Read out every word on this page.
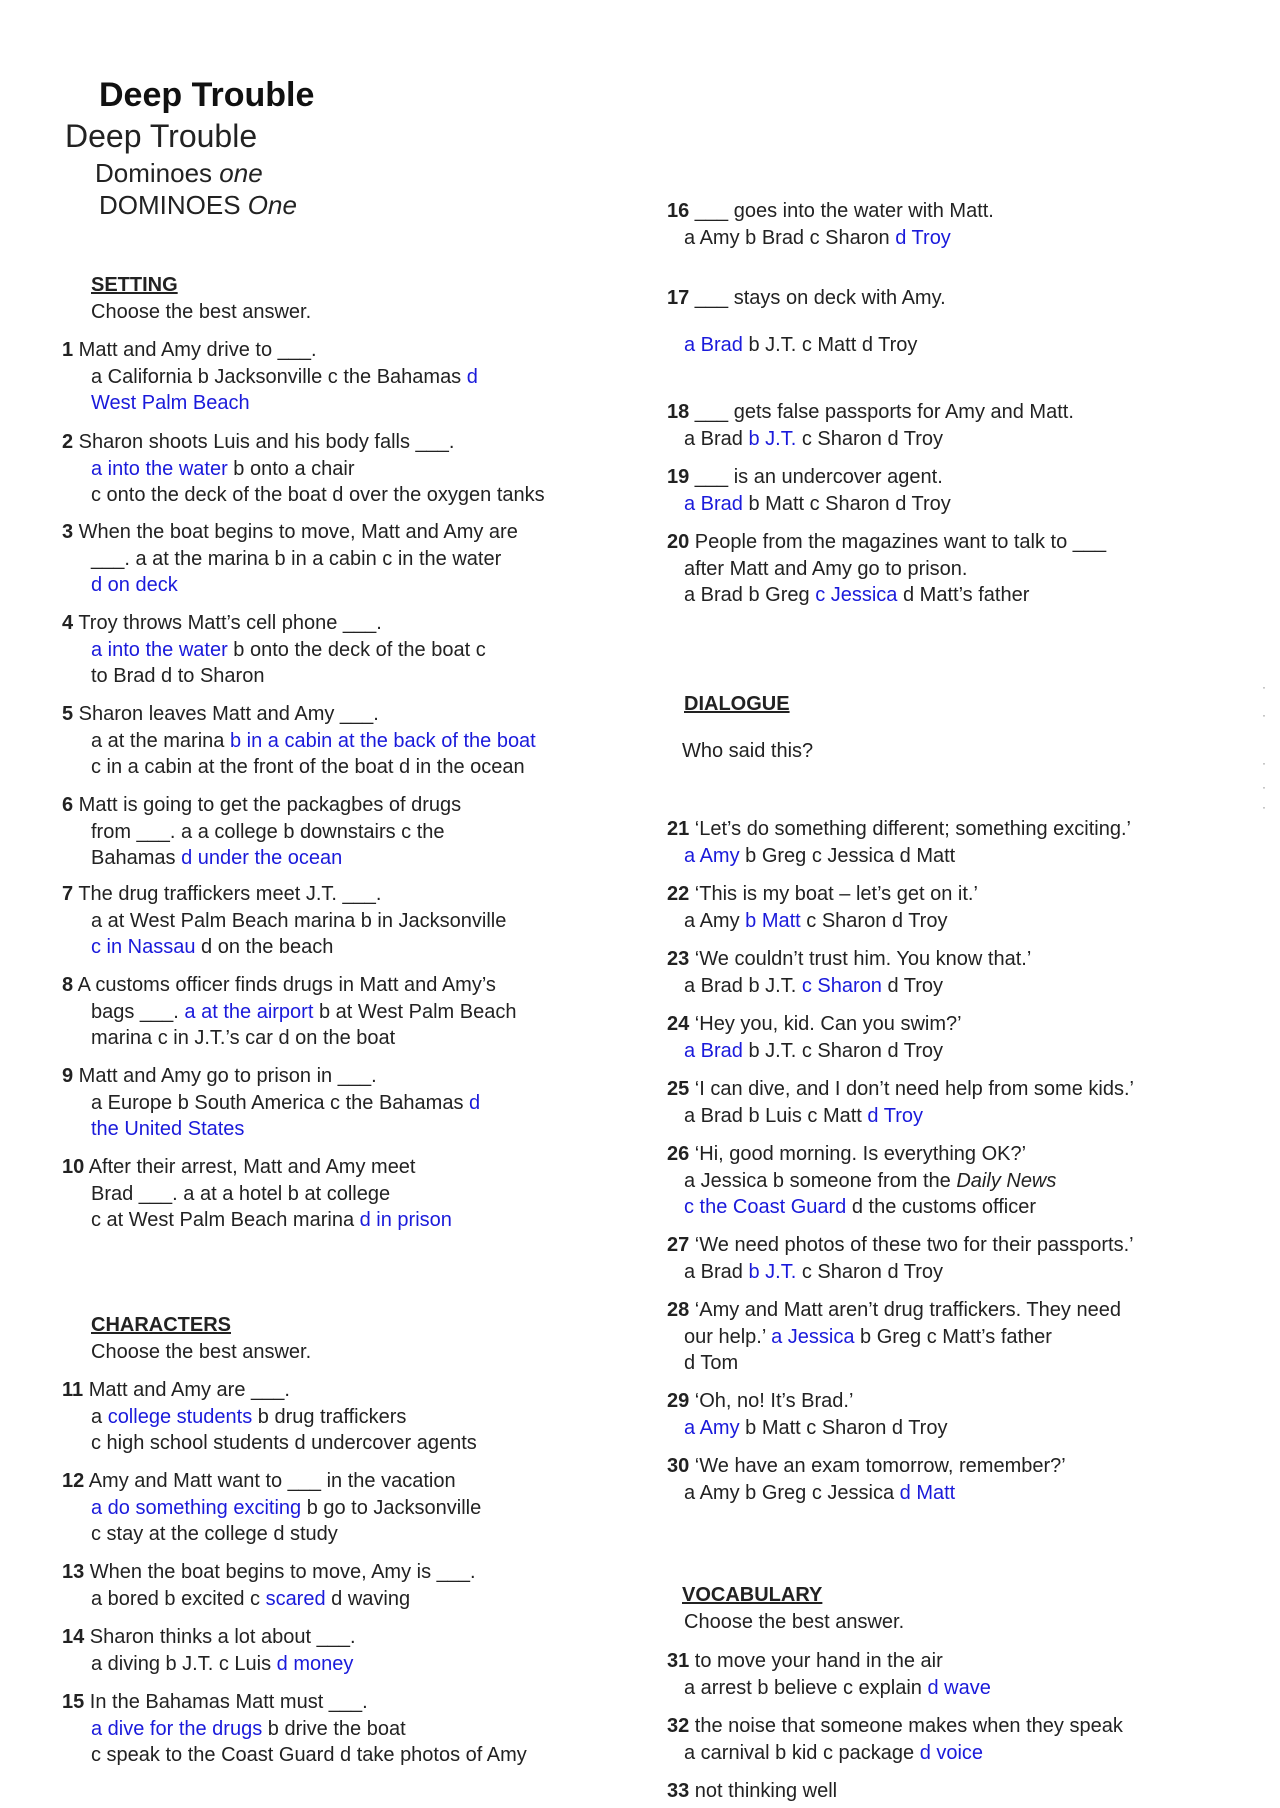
Deep Trouble
Deep Trouble
Dominoes one
DOMINOES One
SETTING
Choose the best answer.
1 Matt and Amy drive to ___.
a California b Jacksonville c the Bahamas d
West Palm Beach
2 Sharon shoots Luis and his body falls ___.
a into the water b onto a chair
c onto the deck of the boat d over the oxygen tanks
3 When the boat begins to move, Matt and Amy are
___. a at the marina b in a cabin c in the water
d on deck
4 Troy throws Matt’s cell phone ___.
a into the water b onto the deck of the boat c
to Brad d to Sharon
5 Sharon leaves Matt and Amy ___.
a at the marina b in a cabin at the back of the boat
c in a cabin at the front of the boat d in the ocean
6 Matt is going to get the packagbes of drugs
from ___. a a college b downstairs c the
Bahamas d under the ocean
7 The drug traffickers meet J.T. ___.
a at West Palm Beach marina b in Jacksonville
c in Nassau d on the beach
8 A customs officer finds drugs in Matt and Amy’s
bags ___. a at the airport b at West Palm Beach
marina c in J.T.’s car d on the boat
9 Matt and Amy go to prison in ___.
a Europe b South America c the Bahamas d
the United States
10 After their arrest, Matt and Amy meet
Brad ___. a at a hotel b at college
c at West Palm Beach marina d in prison
CHARACTERS
Choose the best answer.
11 Matt and Amy are ___.
a college students b drug traffickers
c high school students d undercover agents
12 Amy and Matt want to ___ in the vacation
a do something exciting b go to Jacksonville
c stay at the college d study
13 When the boat begins to move, Amy is ___.
a bored b excited c scared d waving
14 Sharon thinks a lot about ___.
a diving b J.T. c Luis d money
15 In the Bahamas Matt must ___.
a dive for the drugs b drive the boat
c speak to the Coast Guard d take photos of Amy
16 ___ goes into the water with Matt.
a Amy b Brad c Sharon d Troy
17 ___ stays on deck with Amy.
a Brad b J.T. c Matt d Troy
18 ___ gets false passports for Amy and Matt.
a Brad b J.T. c Sharon d Troy
19 ___ is an undercover agent.
a Brad b Matt c Sharon d Troy
20 People from the magazines want to talk to ___
after Matt and Amy go to prison.
a Brad b Greg c Jessica d Matt’s father
DIALOGUE
Who said this?
21 ‘Let’s do something different; something exciting.’
a Amy b Greg c Jessica d Matt
22 ‘This is my boat – let’s get on it.’
a Amy b Matt c Sharon d Troy
23 ‘We couldn’t trust him. You know that.’
a Brad b J.T. c Sharon d Troy
24 ‘Hey you, kid. Can you swim?’
a Brad b J.T. c Sharon d Troy
25 ‘I can dive, and I don’t need help from some kids.’
a Brad b Luis c Matt d Troy
26 ‘Hi, good morning. Is everything OK?’
a Jessica b someone from the Daily News
c the Coast Guard d the customs officer
27 ‘We need photos of these two for their passports.’
a Brad b J.T. c Sharon d Troy
28 ‘Amy and Matt aren’t drug traffickers. They need
our help.’ a Jessica b Greg c Matt’s father
d Tom
29 ‘Oh, no! It’s Brad.’
a Amy b Matt c Sharon d Troy
30 ‘We have an exam tomorrow, remember?’
a Amy b Greg c Jessica d Matt
VOCABULARY
Choose the best answer.
31 to move your hand in the air
a arrest b believe c explain d wave
32 the noise that someone makes when they speak
a carnival b kid c package d voice
33 not thinking well
·
·
·
·
·
